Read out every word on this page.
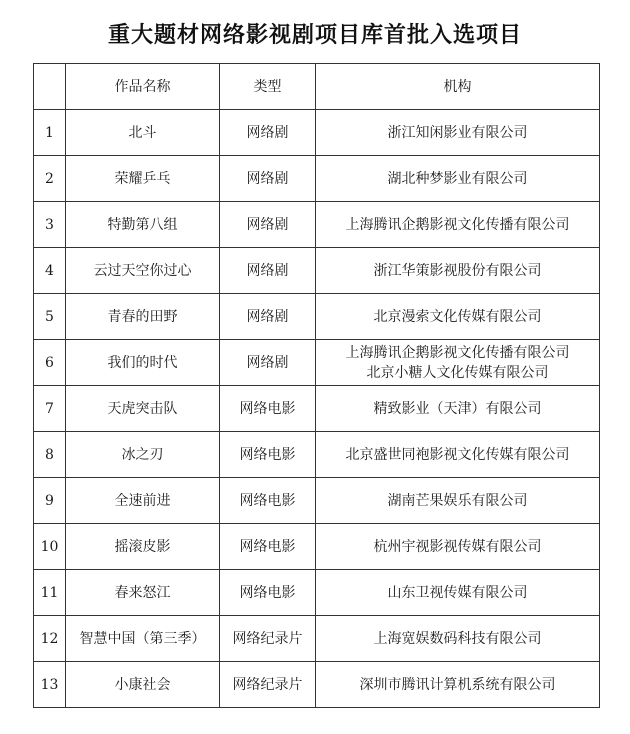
重大题材网络影视剧项目库首批入选项目
	作品名称	类型	机构
1	北斗	网络剧	浙江知闲影业有限公司

2	荣耀乒乓	网络剧	湖北种梦影业有限公司

3	特勤第八组	网络剧	上海腾讯企鹅影视文化传播有限公司

4	云过天空你过心	网络剧	浙江华策影视股份有限公司

5	青春的田野	网络剧	北京漫索文化传媒有限公司

6	我们的时代	网络剧	上海腾讯企鹅影视文化传播有限公司
北京小糖人文化传媒有限公司

7	天虎突击队	网络电影	精致影业（天津）有限公司

8	冰之刃	网络电影	北京盛世同袍影视文化传媒有限公司

9	全速前进	网络电影	湖南芒果娱乐有限公司

10	摇滚皮影	网络电影	杭州宇视影视传媒有限公司

11	春来怒江	网络电影	山东卫视传媒有限公司

12	智慧中国（第三季）	网络纪录片	上海宽娱数码科技有限公司

13	小康社会	网络纪录片	深圳市腾讯计算机系统有限公司
